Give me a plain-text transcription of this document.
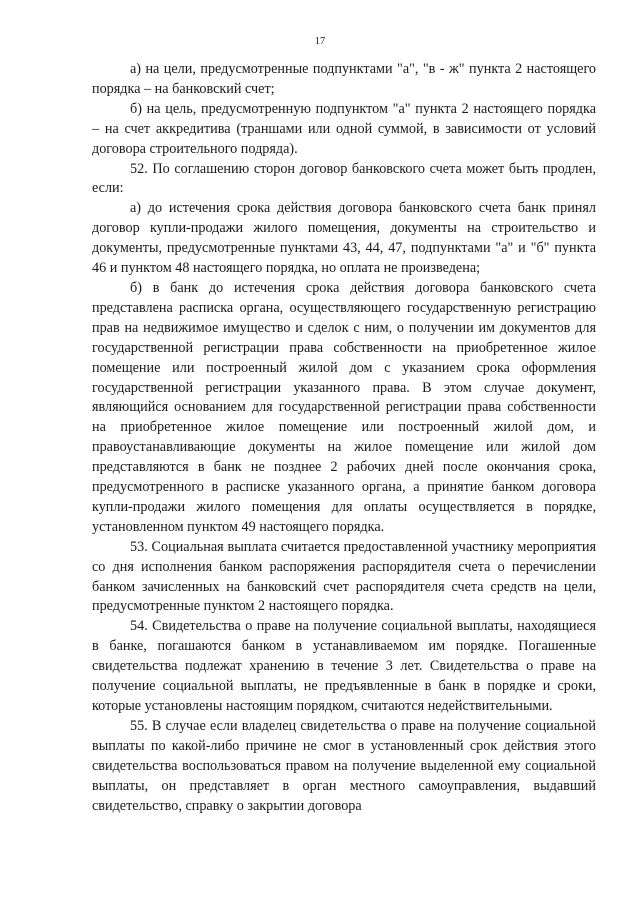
17

а) на цели, предусмотренные подпунктами "а", "в - ж" пункта 2 настоящего порядка – на банковский счет;

б) на цель, предусмотренную подпунктом "а" пункта 2 настоящего порядка – на счет аккредитива (траншами или одной суммой, в зависимости от условий договора строительного подряда).

52. По соглашению сторон договор банковского счета может быть продлен, если:

а) до истечения срока действия договора банковского счета банк принял договор купли-продажи жилого помещения, документы на строительство и документы, предусмотренные пунктами 43, 44, 47, подпунктами "а" и "б" пункта 46 и пунктом 48 настоящего порядка, но оплата не произведена;

б) в банк до истечения срока действия договора банковского счета представлена расписка органа, осуществляющего государственную регистрацию прав на недвижимое имущество и сделок с ним, о получении им документов для государственной регистрации права собственности на приобретенное жилое помещение или построенный жилой дом с указанием срока оформления государственной регистрации указанного права. В этом случае документ, являющийся основанием для государственной регистрации права собственности на приобретенное жилое помещение или построенный жилой дом, и правоустанавливающие документы на жилое помещение или жилой дом представляются в банк не позднее 2 рабочих дней после окончания срока, предусмотренного в расписке указанного органа, а принятие банком договора купли-продажи жилого помещения для оплаты осуществляется в порядке, установленном пунктом 49 настоящего порядка.

53. Социальная выплата считается предоставленной участнику мероприятия со дня исполнения банком распоряжения распорядителя счета о перечислении банком зачисленных на банковский счет распорядителя счета средств на цели, предусмотренные пунктом 2 настоящего порядка.

54. Свидетельства о праве на получение социальной выплаты, находящиеся в банке, погашаются банком в устанавливаемом им порядке. Погашенные свидетельства подлежат хранению в течение 3 лет. Свидетельства о праве на получение социальной выплаты, не предъявленные в банк в порядке и сроки, которые установлены настоящим порядком, считаются недействительными.

55. В случае если владелец свидетельства о праве на получение социальной выплаты по какой-либо причине не смог в установленный срок действия этого свидетельства воспользоваться правом на получение выделенной ему социальной выплаты, он представляет в орган местного самоуправления, выдавший свидетельство, справку о закрытии договора
